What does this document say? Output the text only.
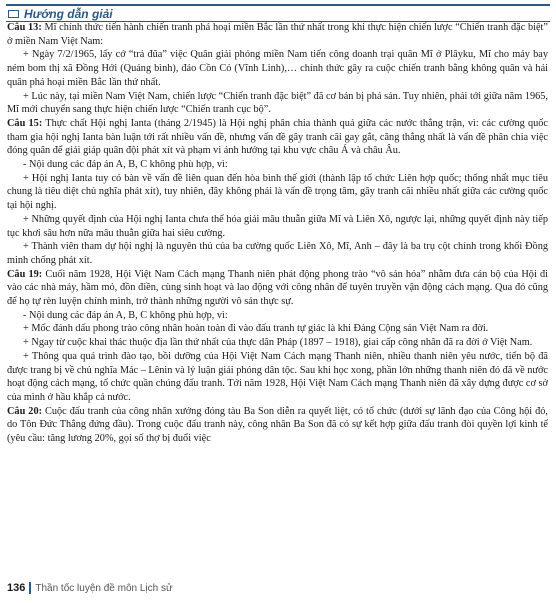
Hướng dẫn giải

Câu 13: Mĩ chính thức tiến hành chiến tranh phá hoại miền Bắc lần thứ nhất trong khi thực hiện chiến lược “Chiến tranh đặc biệt” ở miền Nam Việt Nam:

+ Ngày 7/2/1965, lấy cớ “trả đũa” việc Quân giải phóng miền Nam tiến công doanh trại quân Mĩ ở Plâyku, Mĩ cho máy bay ném bom thị xã Đồng Hới (Quảng bình), đảo Cồn Cỏ (Vĩnh Linh),… chính thức gây ra cuộc chiến tranh bằng không quân và hải quân phá hoại miền Bắc lần thứ nhất.

+ Lúc này, tại miền Nam Việt Nam, chiến lược “Chiến tranh đặc biệt” đã cơ bản bị phá sản. Tuy nhiên, phải tới giữa năm 1965, Mĩ mới chuyển sang thực hiện chiến lược “Chiến tranh cục bộ”.

Câu 15: Thực chất Hội nghị Ianta (tháng 2/1945) là Hội nghị phân chia thành quả giữa các nước thắng trận, vì: các cường quốc tham gia hội nghị Ianta bàn luận tới rất nhiều vấn đề, nhưng vấn đề gây tranh cãi gay gắt, căng thẳng nhất là vấn đề phân chia việc đóng quân để giải giáp quân đội phát xít và phạm vi ảnh hưởng tại khu vực châu Á và châu Âu.

- Nội dung các đáp án A, B, C không phù hợp, vì:

+ Hội nghị Ianta tuy có bàn về vấn đề liên quan đến hòa bình thế giới (thành lập tổ chức Liên hợp quốc; thống nhất mục tiêu chung là tiêu diệt chủ nghĩa phát xít), tuy nhiên, đây không phải là vấn đề trọng tâm, gây tranh cãi nhiều nhất giữa các cường quốc tại hội nghị.

+ Những quyết định của Hội nghị Ianta chưa thể hóa giải mâu thuẫn giữa Mĩ và Liên Xô, ngược lại, những quyết định này tiếp tục khơi sâu hơn nữa mâu thuẫn giữa hai siêu cường.

+ Thành viên tham dự hội nghị là nguyên thủ của ba cường quốc Liên Xô, Mĩ, Anh – đây là ba trụ cột chính trong khối Đồng minh chống phát xít.

Câu 19: Cuối năm 1928, Hội Việt Nam Cách mạng Thanh niên phát động phong trào “vô sản hóa” nhằm đưa cán bộ của Hội đi vào các nhà máy, hầm mỏ, đồn điền, cùng sinh hoạt và lao động với công nhân để tuyên truyền vận động cách mạng. Qua đó cũng để họ tự rèn luyện chính mình, trở thành những người vô sản thực sự.

- Nội dung các đáp án A, B, C không phù hợp, vì:

+ Mốc đánh dấu phong trào công nhân hoàn toàn đi vào đấu tranh tự giác là khi Đảng Cộng sản Việt Nam ra đời.

+ Ngay từ cuộc khai thác thuộc địa lần thứ nhất của thực dân Pháp (1897 – 1918), giai cấp công nhân đã ra đời ở Việt Nam.

+ Thông qua quá trình đào tạo, bồi dưỡng của Hội Việt Nam Cách mạng Thanh niên, nhiều thanh niên yêu nước, tiến bộ đã được trang bị về chủ nghĩa Mác – Lênin và lý luận giải phóng dân tộc. Sau khi học xong, phần lớn những thanh niên đó đã về nước hoạt động cách mạng, tổ chức quần chúng đấu tranh. Tới năm 1928, Hội Việt Nam Cách mạng Thanh niên đã xây dựng được cơ sở của mình ở hầu khắp cả nước.

Câu 20: Cuộc đấu tranh của công nhân xưởng đóng tàu Ba Son diễn ra quyết liệt, có tổ chức (dưới sự lãnh đạo của Công hội đỏ, do Tôn Đức Thắng đứng đầu). Trong cuộc đấu tranh này, công nhân Ba Son đã có sự kết hợp giữa đấu tranh đòi quyền lợi kinh tế (yêu cầu: tăng lương 20%, gọi số thợ bị đuổi việc

136 Thần tốc luyện đề môn Lịch sử
